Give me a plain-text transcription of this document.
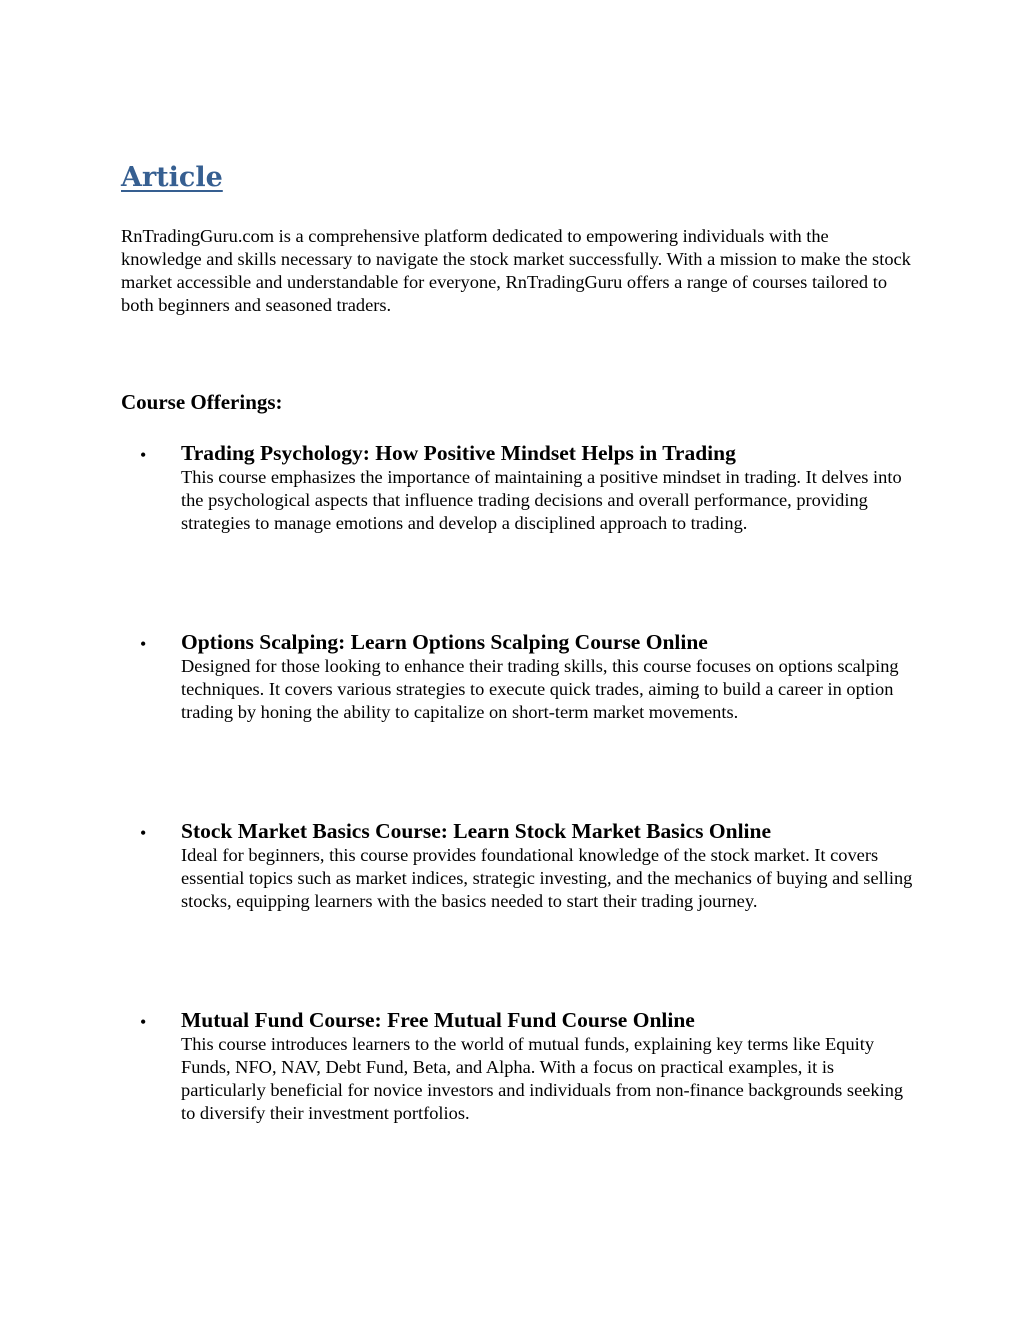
Article

RnTradingGuru.com is a comprehensive platform dedicated to empowering individuals with the knowledge and skills necessary to navigate the stock market successfully. With a mission to make the stock market accessible and understandable for everyone, RnTradingGuru offers a range of courses tailored to both beginners and seasoned traders.

Course Offerings:
• Trading Psychology: How Positive Mindset Helps in Trading

This course emphasizes the importance of maintaining a positive mindset in trading. It delves into the psychological aspects that influence trading decisions and overall performance, providing strategies to manage emotions and develop a disciplined approach to trading.

• Options Scalping: Learn Options Scalping Course Online

Designed for those looking to enhance their trading skills, this course focuses on options scalping techniques. It covers various strategies to execute quick trades, aiming to build a career in option trading by honing the ability to capitalize on short-term market movements.

• Stock Market Basics Course: Learn Stock Market Basics Online

Ideal for beginners, this course provides foundational knowledge of the stock market. It covers essential topics such as market indices, strategic investing, and the mechanics of buying and selling stocks, equipping learners with the basics needed to start their trading journey.

• Mutual Fund Course: Free Mutual Fund Course Online

This course introduces learners to the world of mutual funds, explaining key terms like Equity Funds, NFO, NAV, Debt Fund, Beta, and Alpha. With a focus on practical examples, it is particularly beneficial for novice investors and individuals from non-finance backgrounds seeking to diversify their investment portfolios.
